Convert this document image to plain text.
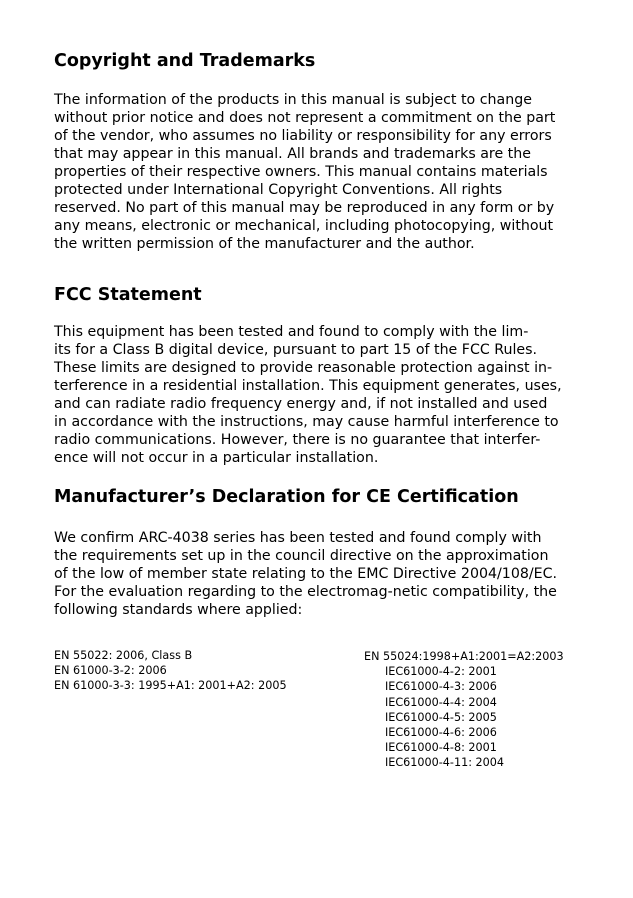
Copyright and Trademarks
The information of the products in this manual is subject to change
without prior notice and does not represent a commitment on the part
of the vendor, who assumes no liability or responsibility for any errors
that may appear in this manual. All brands and trademarks are the
properties of their respective owners. This manual contains materials
protected under International Copyright Conventions. All rights
reserved. No part of this manual may be reproduced in any form or by
any means, electronic or mechanical, including photocopying, without
the written permission of the manufacturer and the author.
FCC Statement
This equipment has been tested and found to comply with the lim-
its for a Class B digital device, pursuant to part 15 of the FCC Rules.
These limits are designed to provide reasonable protection against in-
terference in a residential installation. This equipment generates, uses,
and can radiate radio frequency energy and, if not installed and used
in accordance with the instructions, may cause harmful interference to
radio communications. However, there is no guarantee that interfer-
ence will not occur in a particular installation.
Manufacturer’s Declaration for CE Certification
We confirm ARC-4038 series has been tested and found comply with
the requirements set up in the council directive on the approximation
of the low of member state relating to the EMC Directive 2004/108/EC.
For the evaluation regarding to the electromag-netic compatibility, the
following standards where applied:
EN 55022: 2006, Class B
EN 61000-3-2: 2006
EN 61000-3-3: 1995+A1: 2001+A2: 2005
EN 55024:1998+A1:2001=A2:2003
IEC61000-4-2: 2001
IEC61000-4-3: 2006
IEC61000-4-4: 2004
IEC61000-4-5: 2005
IEC61000-4-6: 2006
IEC61000-4-8: 2001
IEC61000-4-11: 2004
